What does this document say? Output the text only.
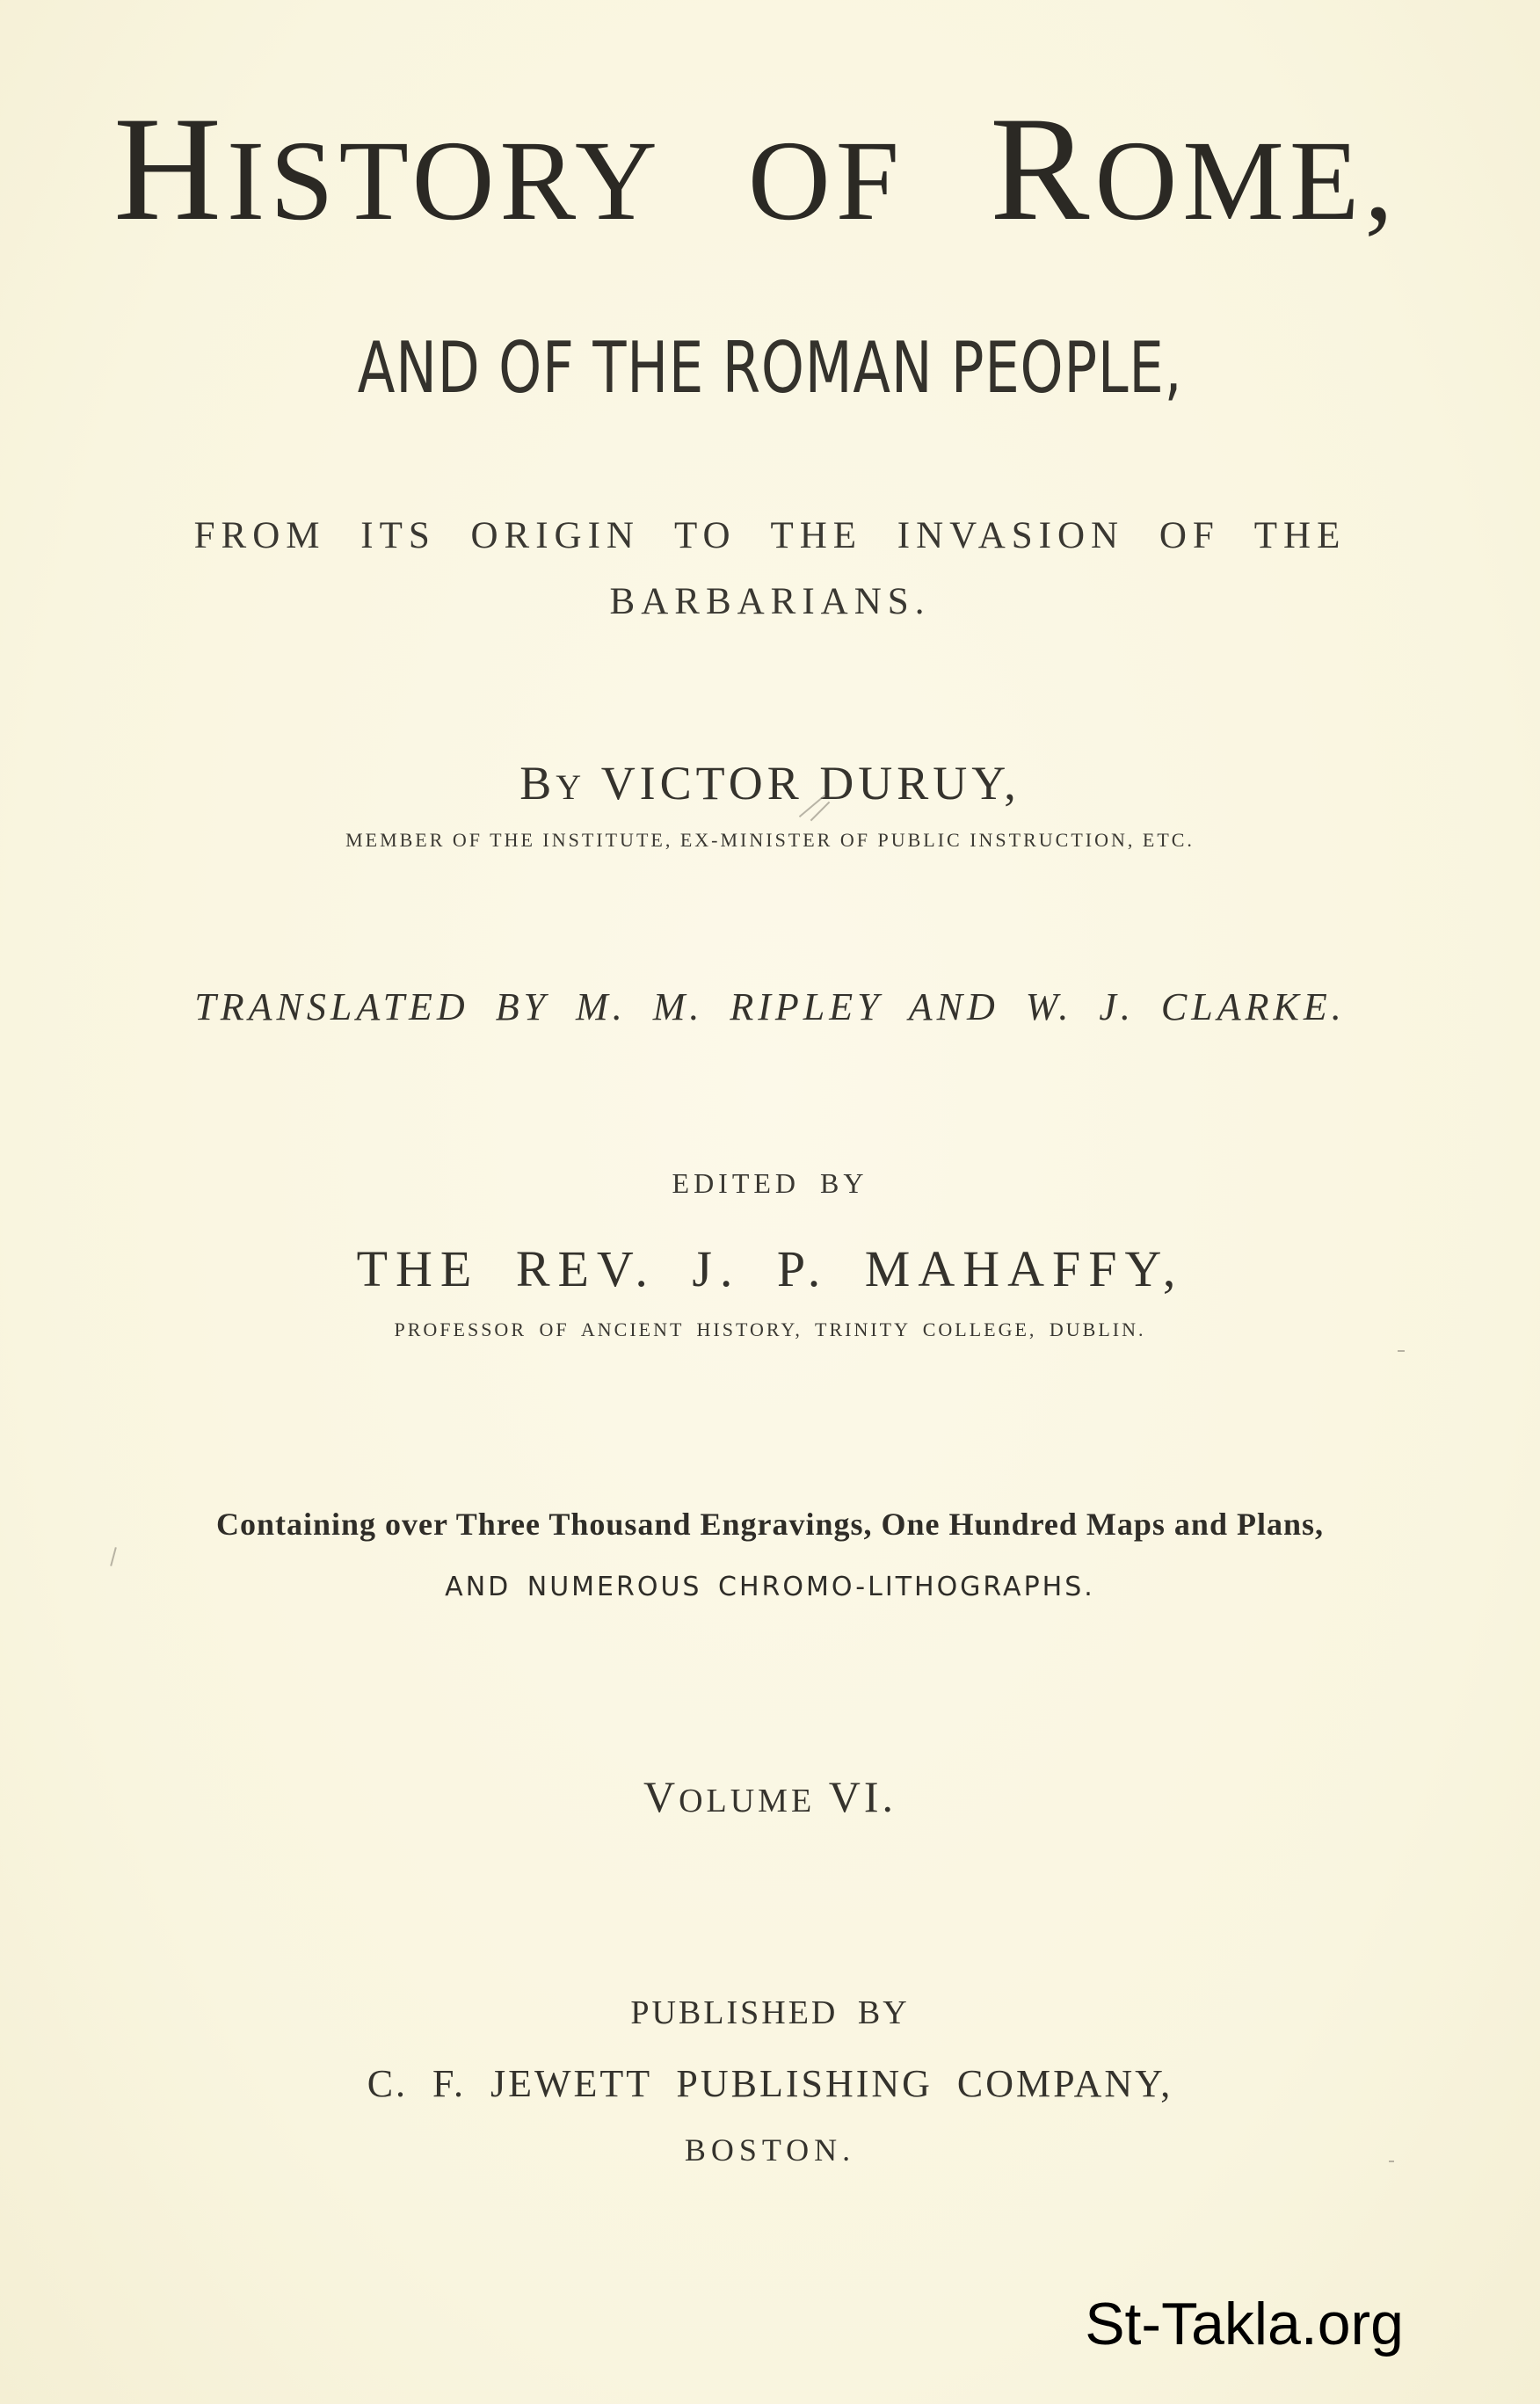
HISTORY OF ROME,
AND OF THE ROMAN PEOPLE,
FROM ITS ORIGIN TO THE INVASION OF THE
BARBARIANS.
BY VICTOR DURUY,
MEMBER OF THE INSTITUTE, EX-MINISTER OF PUBLIC INSTRUCTION, ETC.
TRANSLATED BY M. M. RIPLEY AND W. J. CLARKE.
EDITED BY
THE REV. J. P. MAHAFFY,
PROFESSOR OF ANCIENT HISTORY, TRINITY COLLEGE, DUBLIN.
Containing over Three Thousand Engravings, One Hundred Maps and Plans,
AND NUMEROUS CHROMO-LITHOGRAPHS.
VOLUME VI.
PUBLISHED BY
C. F. JEWETT PUBLISHING COMPANY,
BOSTON.
St-Takla.org
